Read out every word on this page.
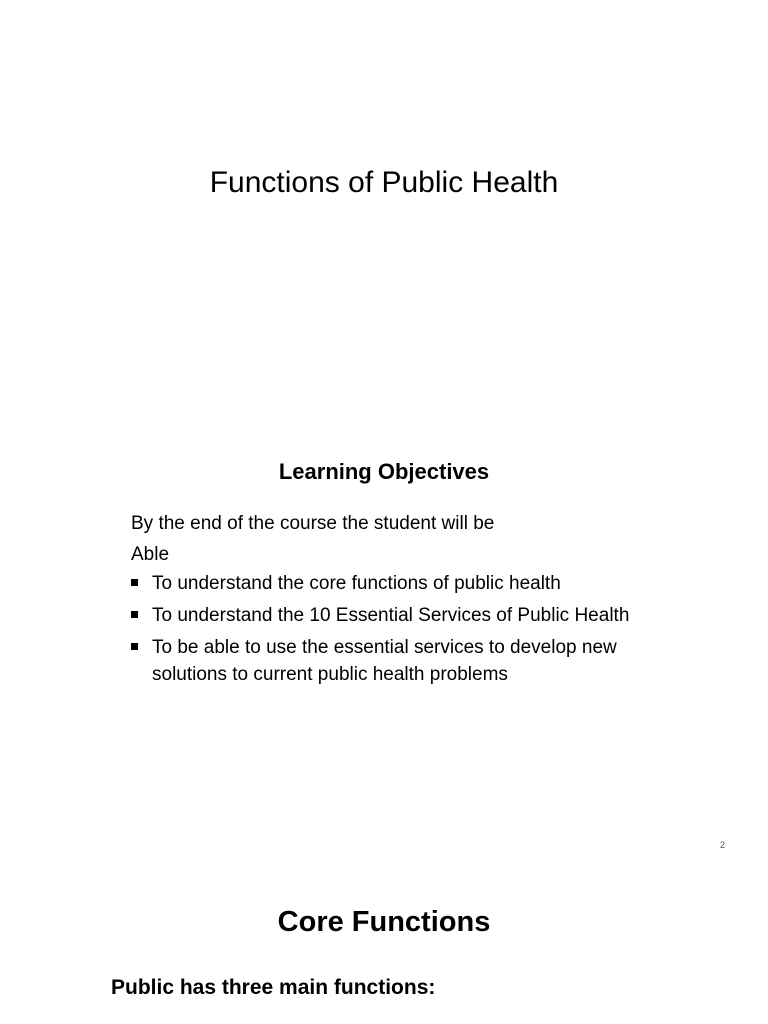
Functions of Public Health
Learning Objectives
By the end of the course the student will be
Able
To understand the core functions of public health
To understand the 10 Essential Services of Public Health
To be able to use the essential services to develop new solutions to current public health problems
2
Core Functions
Public has three main functions:
